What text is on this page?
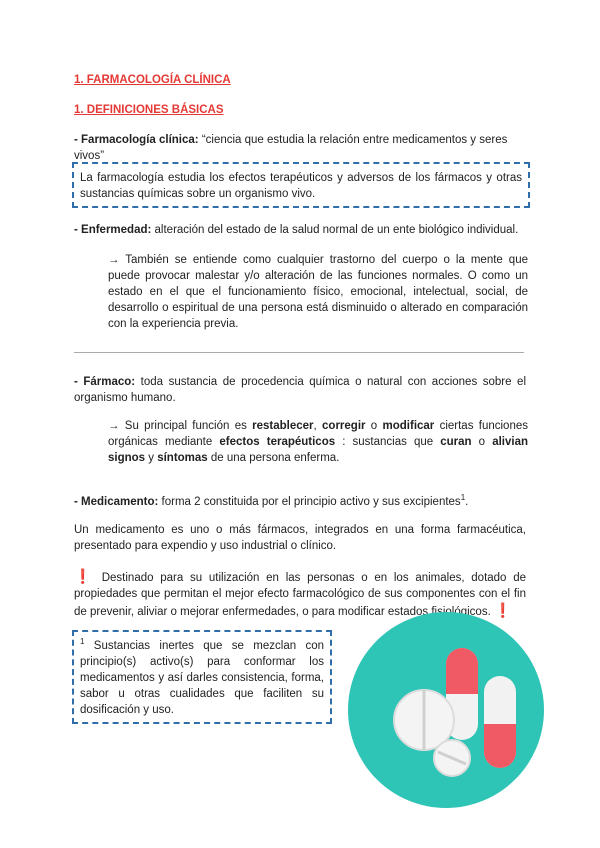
1. FARMACOLOGÍA CLÍNICA
1. DEFINICIONES BÁSICAS
- Farmacología clínica: “ciencia que estudia la relación entre medicamentos y seres vivos”
La farmacología estudia los efectos terapéuticos y adversos de los fármacos y otras sustancias químicas sobre un organismo vivo.
- Enfermedad: alteración del estado de la salud normal de un ente biológico individual.
→ También se entiende como cualquier trastorno del cuerpo o la mente que puede provocar malestar y/o alteración de las funciones normales. O como un estado en el que el funcionamiento físico, emocional, intelectual, social, de desarrollo o espiritual de una persona está disminuido o alterado en comparación con la experiencia previa.
- Fármaco: toda sustancia de procedencia química o natural con acciones sobre el organismo humano.
→ Su principal función es restablecer, corregir o modificar ciertas funciones orgánicas mediante efectos terapéuticos : sustancias que curan o alivian signos y síntomas de una persona enferma.
- Medicamento: forma 2 constituida por el principio activo y sus excipientes$^1$.
Un medicamento es uno o más fármacos, integrados en una forma farmacéutica, presentado para expendio y uso industrial o clínico.
❗ Destinado para su utilización en las personas o en los animales, dotado de propiedades que permitan el mejor efecto farmacológico de sus componentes con el fin de prevenir, aliviar o mejorar enfermedades, o para modificar estados fisiológicos. ❗
$^1$ Sustancias inertes que se mezclan con principio(s) activo(s) para conformar los medicamentos y así darles consistencia, forma, sabor u otras cualidades que faciliten su dosificación y uso.
